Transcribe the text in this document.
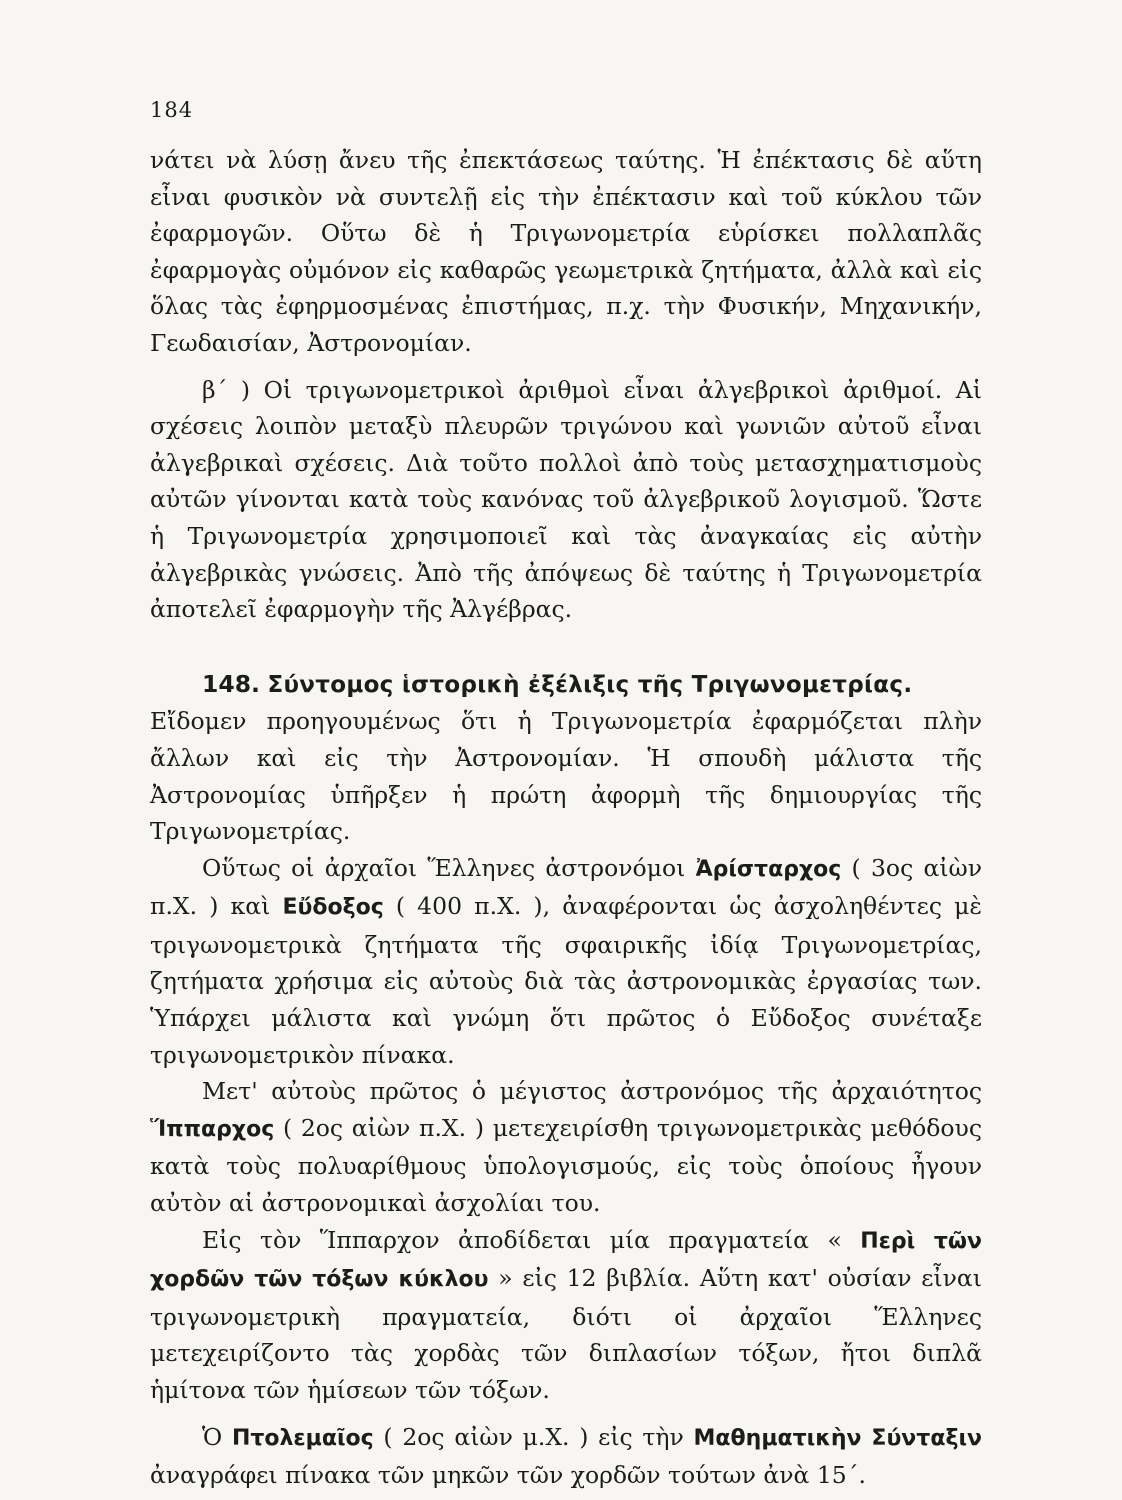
184

νάτει νὰ λύσῃ ἄνευ τῆς ἐπεκτάσεως ταύτης. Ἡ ἐπέκτασις δὲ αὕτη εἶναι φυσικὸν νὰ συντελῇ εἰς τὴν ἐπέκτασιν καὶ τοῦ κύκλου τῶν ἐφαρμογῶν. Οὕτω δὲ ἡ Τριγωνομετρία εὑρίσκει πολλαπλᾶς ἐφαρμογὰς οὐμόνον εἰς καθαρῶς γεωμετρικὰ ζητήματα, ἀλλὰ καὶ εἰς ὅλας τὰς ἐφηρμοσμένας ἐπιστήμας, π.χ. τὴν Φυσικήν, Μηχανικήν, Γεωδαισίαν, Ἀστρονομίαν.

β΄ ) Οἱ τριγωνομετρικοὶ ἀριθμοὶ εἶναι ἀλγεβρικοὶ ἀριθμοί. Αἱ σχέσεις λοιπὸν μεταξὺ πλευρῶν τριγώνου καὶ γωνιῶν αὐτοῦ εἶναι ἀλγεβρικαὶ σχέσεις. Διὰ τοῦτο πολλοὶ ἀπὸ τοὺς μετασχηματισμοὺς αὐτῶν γίνονται κατὰ τοὺς κανόνας τοῦ ἀλγεβρικοῦ λογισμοῦ. Ὥστε ἡ Τριγωνομετρία χρησιμοποιεῖ καὶ τὰς ἀναγκαίας εἰς αὐτὴν ἀλγεβρικὰς γνώσεις. Ἀπὸ τῆς ἀπόψεως δὲ ταύτης ἡ Τριγωνομετρία ἀποτελεῖ ἐφαρμογὴν τῆς Ἀλγέβρας.

148. Σύντομος ἱστορικὴ ἐξέλιξις τῆς Τριγωνομετρίας.

Εἴδομεν προηγουμένως ὅτι ἡ Τριγωνομετρία ἐφαρμόζεται πλὴν ἄλλων καὶ εἰς τὴν Ἀστρονομίαν. Ἡ σπουδὴ μάλιστα τῆς Ἀστρονομίας ὑπῆρξεν ἡ πρώτη ἀφορμὴ τῆς δημιουργίας τῆς Τριγωνομετρίας.

Οὕτως οἱ ἀρχαῖοι Ἕλληνες ἀστρονόμοι Ἀρίσταρχος ( 3ος αἰὼν π.Χ. ) καὶ Εὔδοξος ( 400 π.Χ. ), ἀναφέρονται ὡς ἀσχοληθέντες μὲ τριγωνομετρικὰ ζητήματα τῆς σφαιρικῆς ἰδίᾳ Τριγωνομετρίας, ζητήματα χρήσιμα εἰς αὐτοὺς διὰ τὰς ἀστρονομικὰς ἐργασίας των. Ὑπάρχει μάλιστα καὶ γνώμη ὅτι πρῶτος ὁ Εὔδοξος συνέταξε τριγωνομετρικὸν πίνακα.

Μετ' αὐτοὺς πρῶτος ὁ μέγιστος ἀστρονόμος τῆς ἀρχαιότητος Ἵππαρχος ( 2ος αἰὼν π.Χ. ) μετεχειρίσθη τριγωνομετρικὰς μεθόδους κατὰ τοὺς πολυαρίθμους ὑπολογισμούς, εἰς τοὺς ὁποίους ἦγουν αὐτὸν αἱ ἀστρονομικαὶ ἀσχολίαι του.

Εἰς τὸν Ἵππαρχον ἀποδίδεται μία πραγματεία « Περὶ τῶν χορδῶν τῶν τόξων κύκλου » εἰς 12 βιβλία. Αὕτη κατ' οὐσίαν εἶναι τριγωνομετρικὴ πραγματεία, διότι οἱ ἀρχαῖοι Ἕλληνες μετεχειρίζοντο τὰς χορδὰς τῶν διπλασίων τόξων, ἤτοι διπλᾶ ἡμίτονα τῶν ἡμίσεων τῶν τόξων.

Ὁ Πτολεμαῖος ( 2ος αἰὼν μ.Χ. ) εἰς τὴν Μαθηματικὴν Σύνταξιν ἀναγράφει πίνακα τῶν μηκῶν τῶν χορδῶν τούτων ἀνὰ 15΄.
